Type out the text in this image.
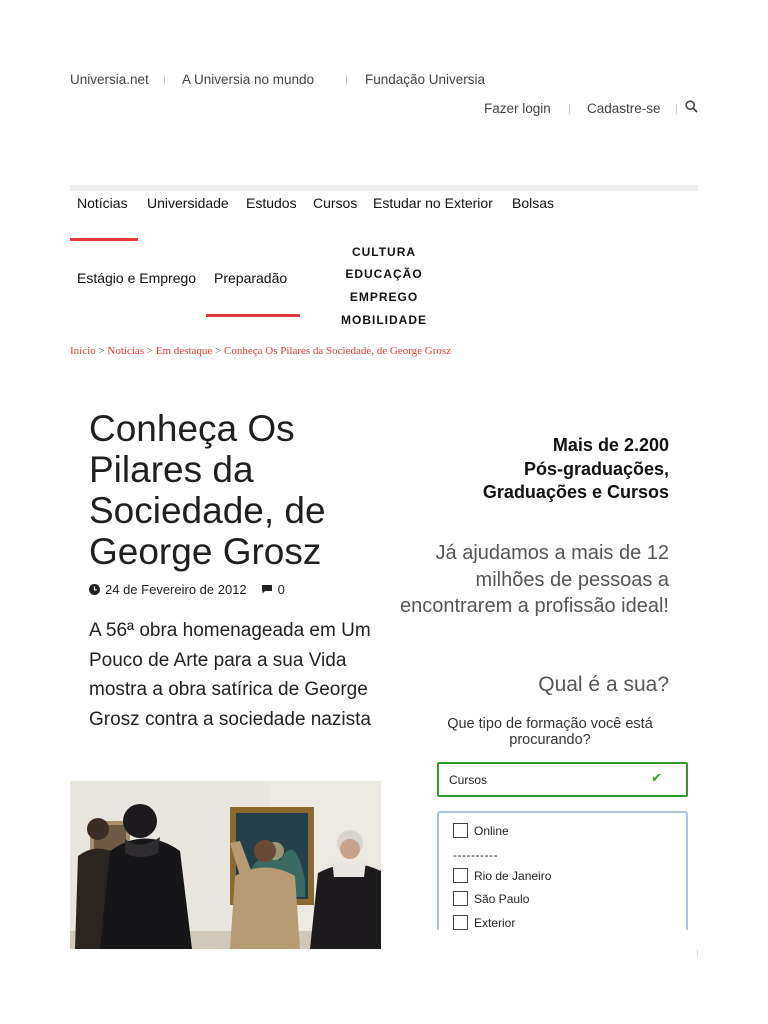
Universia.net A Universia no mundo	Fundação Universia
Fazer login	Cadastre-se
Notícias Universidade Estudos Cursos Estudar no Exterior Bolsas
Estágio e Emprego Preparadão
CULTURA
EDUCAÇÃO
EMPREGO
MOBILIDADE
Início > Notícias > Em destaque > Conheça Os Pilares da Sociedade, de George Grosz
Conheça Os Pilares da Sociedade, de George Grosz
24 de Fevereiro de 2012 0

A 56ª obra homenageada em Um Pouco de Arte para a sua Vida mostra a obra satírica de George Grosz contra a sociedade nazista

Mais de 2.200
Pós-graduações,
Graduações e Cursos

Já ajudamos a mais de 12 milhões de pessoas a encontrarem a profissão ideal!

Qual é a sua?

Que tipo de formação você está procurando?

Cursos	✔
Online
----------
Rio de Janeiro
São Paulo
Exterior
